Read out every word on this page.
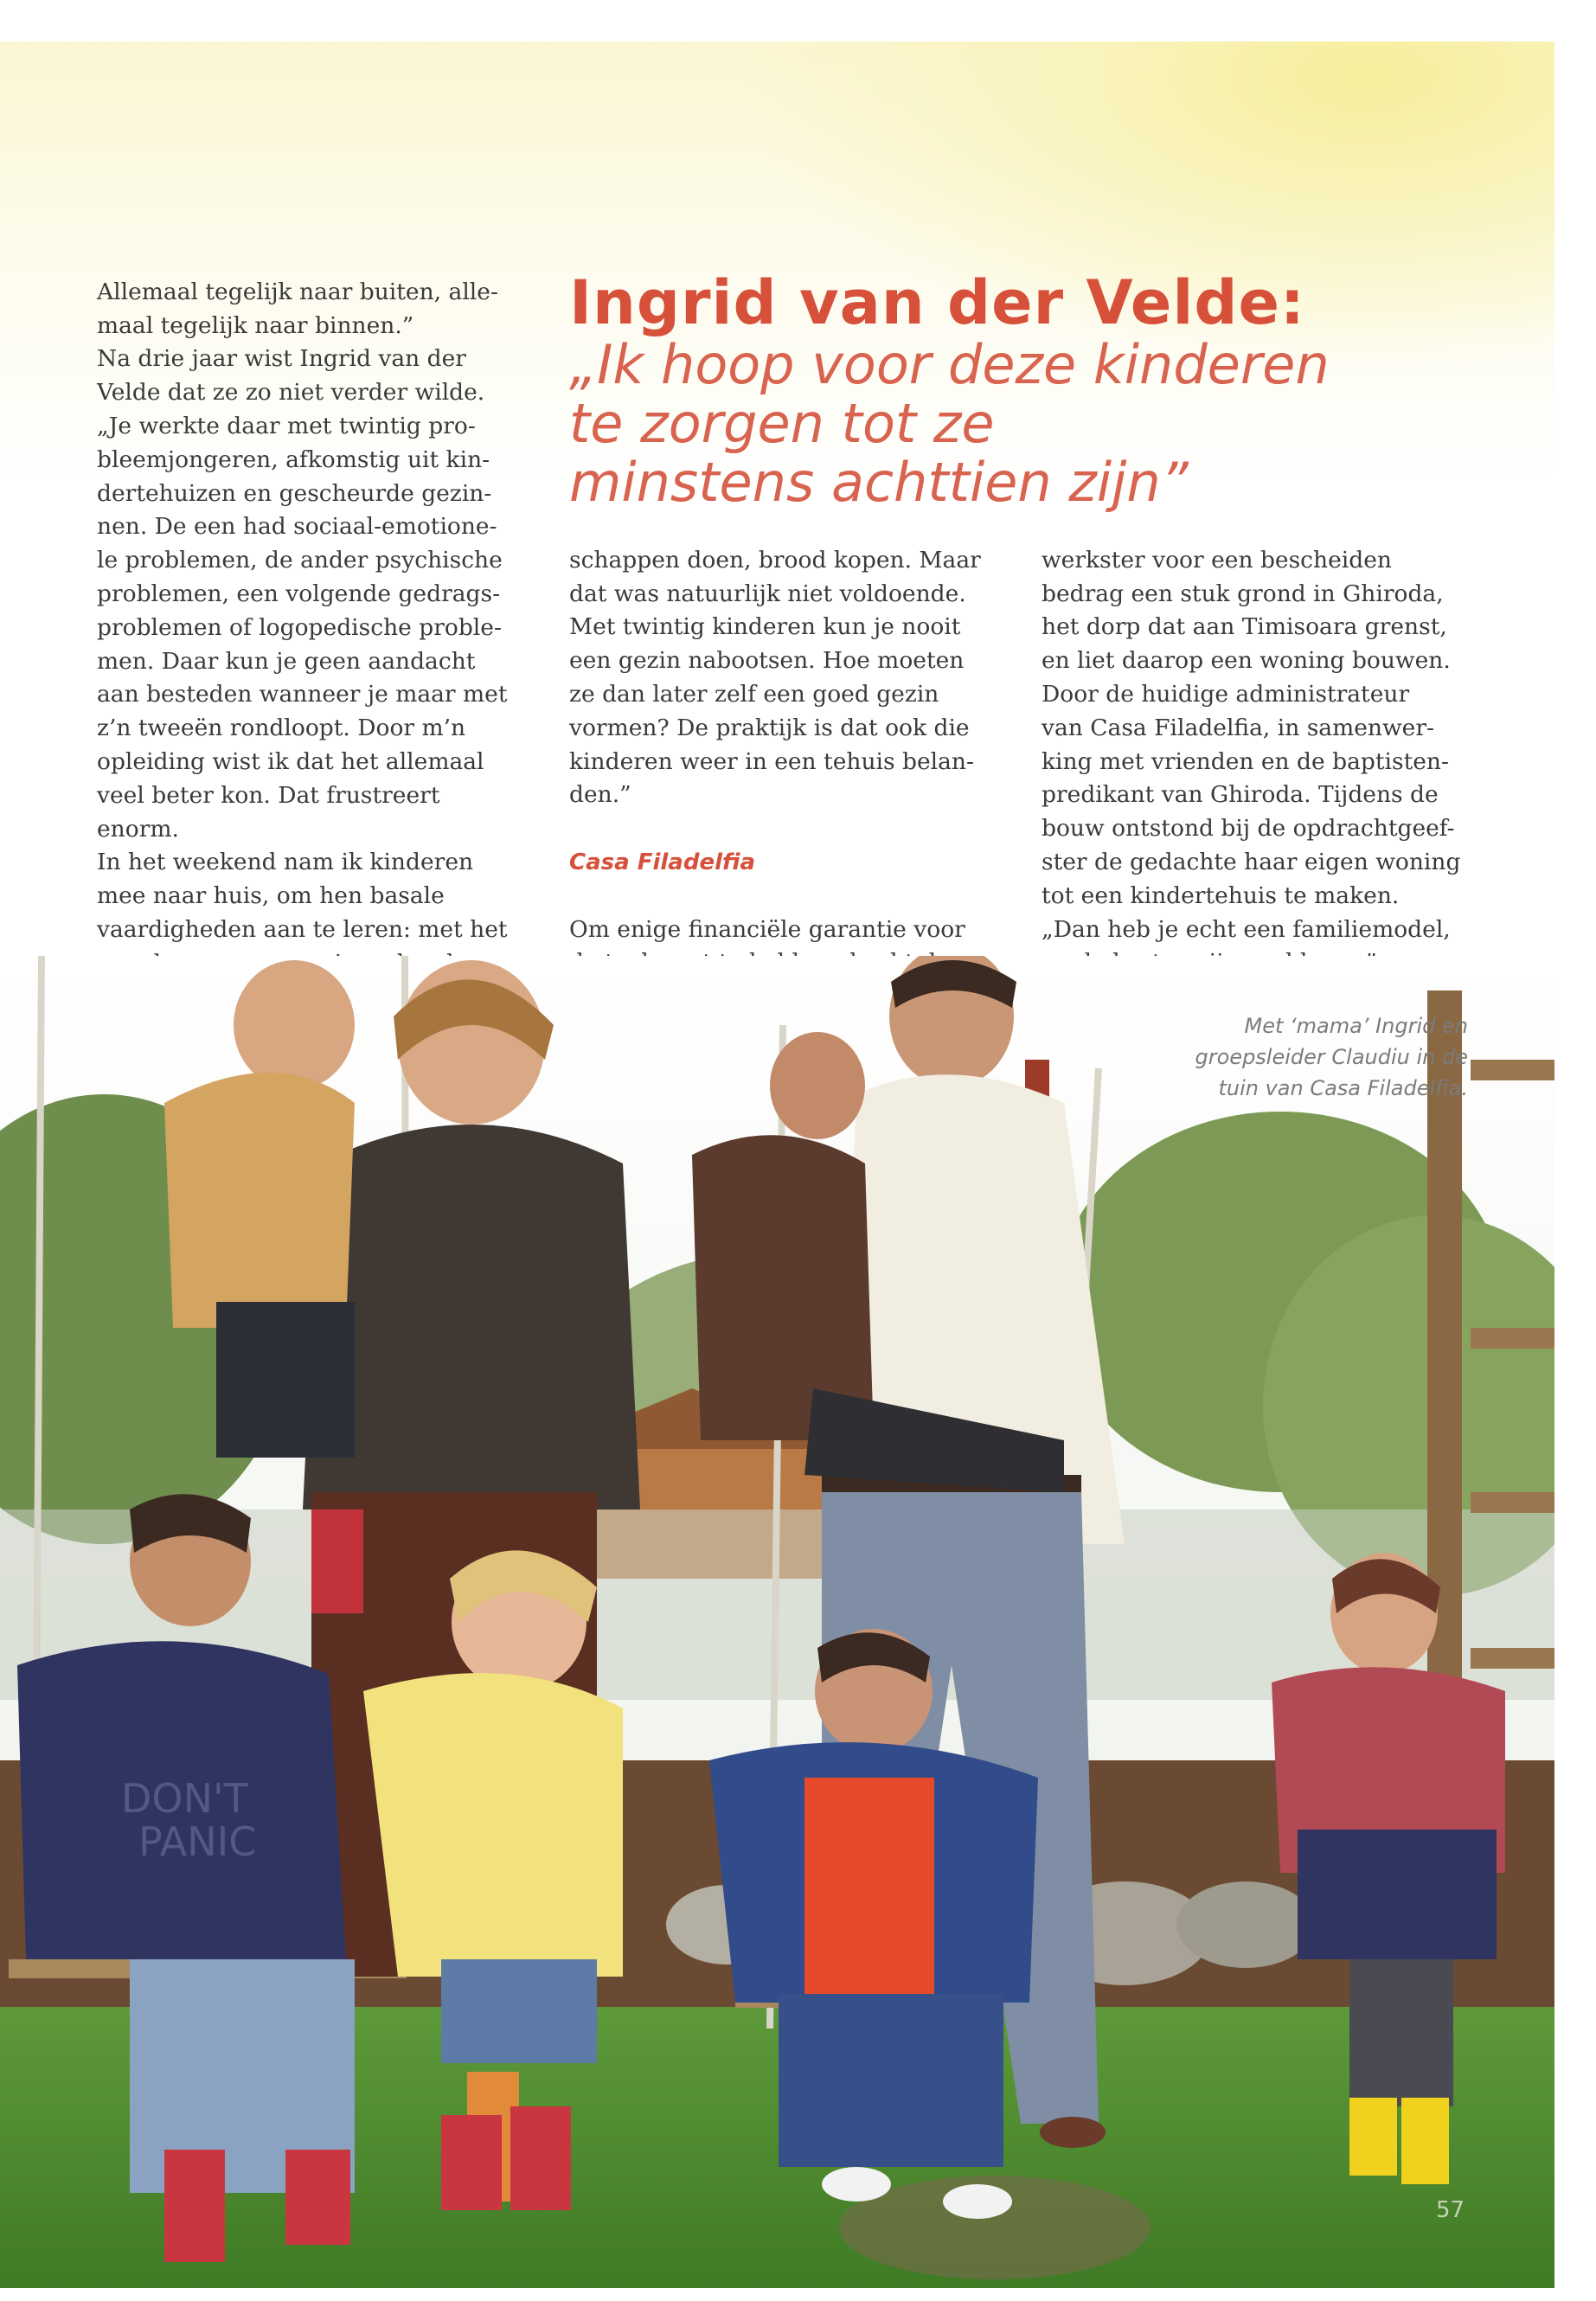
Ingrid van der Velde:
„Ik hoop voor deze kinderen
te zorgen tot ze
minstens achttien zijn”

Allemaal tegelijk naar buiten, alle-
maal tegelijk naar binnen.”
Na drie jaar wist Ingrid van der
Velde dat ze zo niet verder wilde.
„Je werkte daar met twintig pro-
bleemjongeren, afkomstig uit kin-
dertehuizen en gescheurde gezin-
nen. De een had sociaal-emotione-
le problemen, de ander psychische
problemen, een volgende gedrags-
problemen of logopedische proble-
men. Daar kun je geen aandacht
aan besteden wanneer je maar met
z’n tweeën rondloopt. Door m’n
opleiding wist ik dat het allemaal
veel beter kon. Dat frustreert
enorm.
In het weekend nam ik kinderen
mee naar huis, om hen basale
vaardigheden aan te leren: met het

schappen doen, brood kopen. Maar
dat was natuurlijk niet voldoende.
Met twintig kinderen kun je nooit
een gezin nabootsen. Hoe moeten
ze dan later zelf een goed gezin
vormen? De praktijk is dat ook die
kinderen weer in een tehuis belan-
den.”

Casa Filadelfia

Om enige financiële garantie voor

werkster voor een bescheiden
bedrag een stuk grond in Ghiroda,
het dorp dat aan Timisoara grenst,
en liet daarop een woning bouwen.
Door de huidige administrateur
van Casa Filadelfia, in samenwer-
king met vrienden en de baptisten-
predikant van Ghiroda. Tijdens de
bouw ontstond bij de opdrachtgeef-
ster de gedachte haar eigen woning
tot een kindertehuis te maken.
„Dan heb je echt een familiemodel,

DON'T
PANIC
Met ‘mama’ Ingrid en
groepsleider Claudiu in de
tuin van Casa Filadelfia.
57
